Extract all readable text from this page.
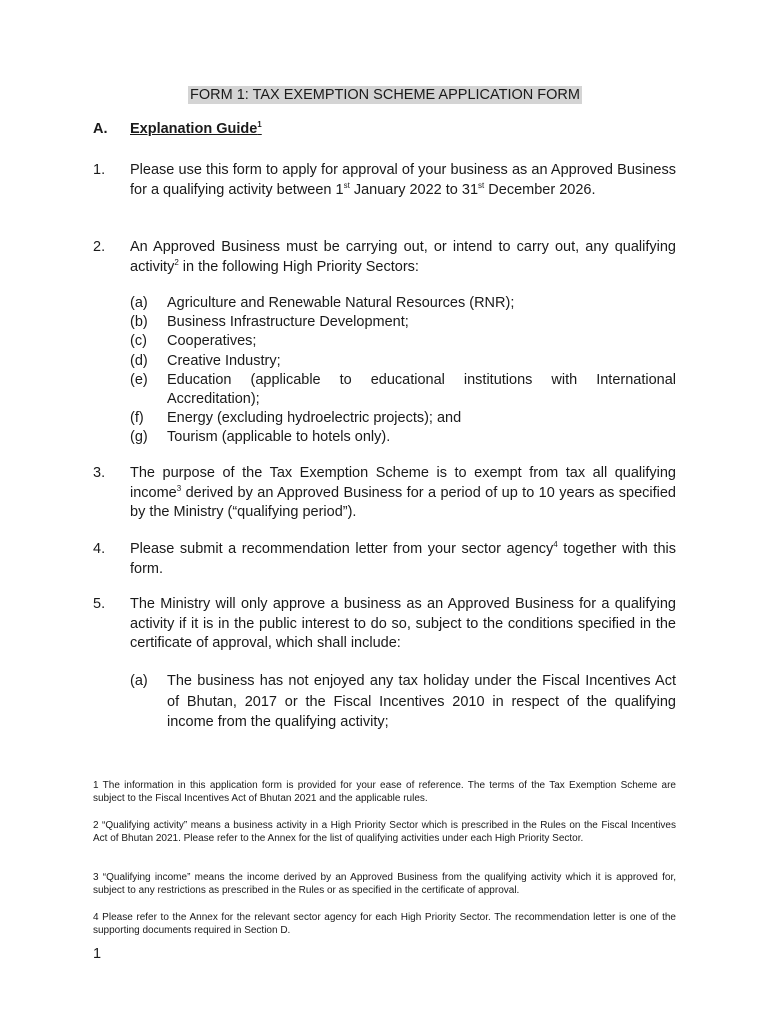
FORM 1: TAX EXEMPTION SCHEME APPLICATION FORM
A. Explanation Guide$^1$
1. Please use this form to apply for approval of your business as an Approved Business for a qualifying activity between 1st January 2022 to 31st December 2026.
2. An Approved Business must be carrying out, or intend to carry out, any qualifying activity$^2$ in the following High Priority Sectors:
(a) Agriculture and Renewable Natural Resources (RNR);
(b) Business Infrastructure Development;
(c) Cooperatives;
(d) Creative Industry;
(e) Education (applicable to educational institutions with International Accreditation);
(f) Energy (excluding hydroelectric projects); and
(g) Tourism (applicable to hotels only).
3. The purpose of the Tax Exemption Scheme is to exempt from tax all qualifying income$^3$ derived by an Approved Business for a period of up to 10 years as specified by the Ministry (“qualifying period”).
4. Please submit a recommendation letter from your sector agency$^4$ together with this form.
5. The Ministry will only approve a business as an Approved Business for a qualifying activity if it is in the public interest to do so, subject to the conditions specified in the certificate of approval, which shall include:
(a) The business has not enjoyed any tax holiday under the Fiscal Incentives Act of Bhutan, 2017 or the Fiscal Incentives 2010 in respect of the qualifying income from the qualifying activity;
1 The information in this application form is provided for your ease of reference. The terms of the Tax Exemption Scheme are subject to the Fiscal Incentives Act of Bhutan 2021 and the applicable rules.
2 “Qualifying activity” means a business activity in a High Priority Sector which is prescribed in the Rules on the Fiscal Incentives Act of Bhutan 2021. Please refer to the Annex for the list of qualifying activities under each High Priority Sector.
3 “Qualifying income” means the income derived by an Approved Business from the qualifying activity which it is approved for, subject to any restrictions as prescribed in the Rules or as specified in the certificate of approval.
4 Please refer to the Annex for the relevant sector agency for each High Priority Sector. The recommendation letter is one of the supporting documents required in Section D.
1
